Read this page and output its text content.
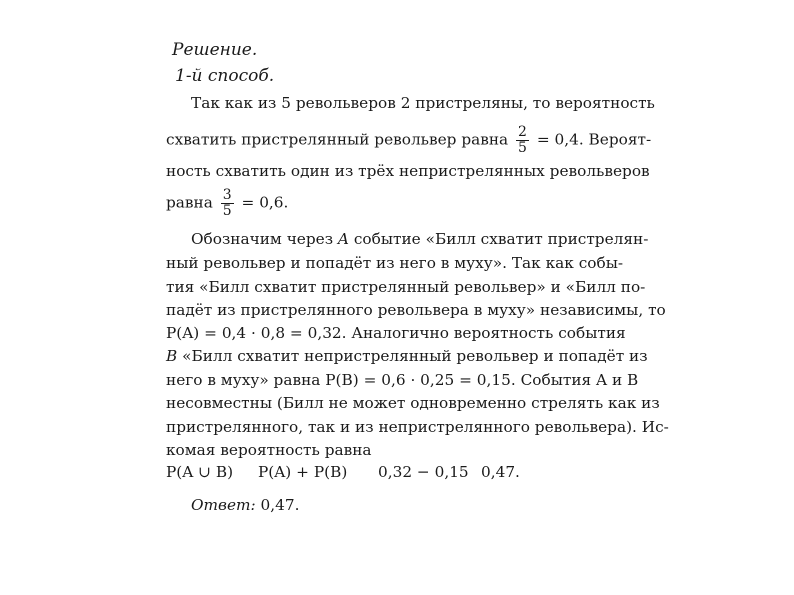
Решение.
1-й способ.
Так как из 5 револьверов 2 пристреляны, то вероятность
схватить пристрелянный револьвер равна $\frac{2}{5} = 0,4$. Вероят-
ность схватить один из трёх непристрелянных револьверов
равна $\frac{3}{5} = 0,6$.
Обозначим через A событие «Билл схватит пристрелян-
ный револьвер и попадёт из него в муху». Так как собы-
тия «Билл схватит пристрелянный револьвер» и «Билл по-
падёт из пристрелянного револьвера в муху» независимы, то
P(A) = 0,4 · 0,8 = 0,32. Аналогично вероятность события
B «Билл схватит непристрелянный револьвер и попадёт из
него в муху» равна P(B) = 0,6 · 0,25 = 0,15. События A и B
несовместны (Билл не может одновременно стрелять как из
пристрелянного, так и из непристрелянного револьвера). Ис-
комая вероятность равна
P(A ∪ B) P(A) + P(B) 0,32 − 0,15 0,47.
Ответ: 0,47.
